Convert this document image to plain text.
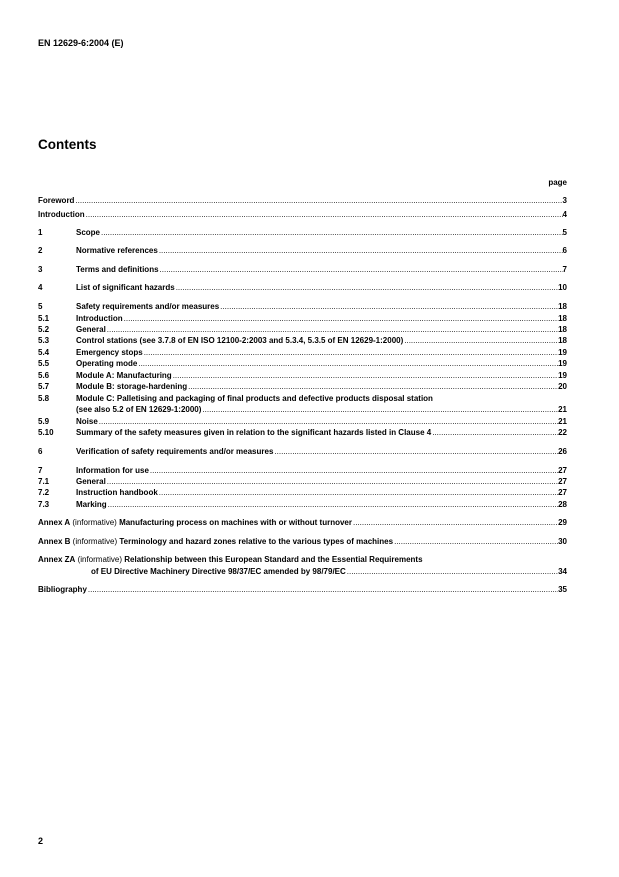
EN 12629-6:2004 (E)
Contents
page
Foreword .....	3
Introduction .....	4
1	Scope .....	5
2	Normative references .....	6
3	Terms and definitions .....	7
4	List of significant hazards .....	10
5	Safety requirements and/or measures .....	18
5.1	Introduction .....	18
5.2	General .....	18
5.3	Control stations (see 3.7.8 of EN ISO 12100-2:2003 and 5.3.4, 5.3.5 of EN 12629-1:2000) .....	18
5.4	Emergency stops .....	19
5.5	Operating mode .....	19
5.6	Module A: Manufacturing .....	19
5.7	Module B: storage-hardening .....	20
5.8	Module C: Palletising and packaging of final products and defective products disposal station
(see also 5.2 of EN 12629-1:2000) .....	21
5.9	Noise .....	21
5.10	Summary of the safety measures given in relation to the significant hazards listed in Clause 4 .....	22
6	Verification of safety requirements and/or measures .....	26
7	Information for use .....	27
7.1	General .....	27
7.2	Instruction handbook .....	27
7.3	Marking .....	28
Annex A (informative) Manufacturing process on machines with or without turnover .....	29
Annex B (informative) Terminology and hazard zones relative to the various types of machines .....	30
Annex ZA (informative) Relationship between this European Standard and the Essential Requirements
of EU Directive Machinery Directive 98/37/EC amended by 98/79/EC .....	34
Bibliography .....	35
2
